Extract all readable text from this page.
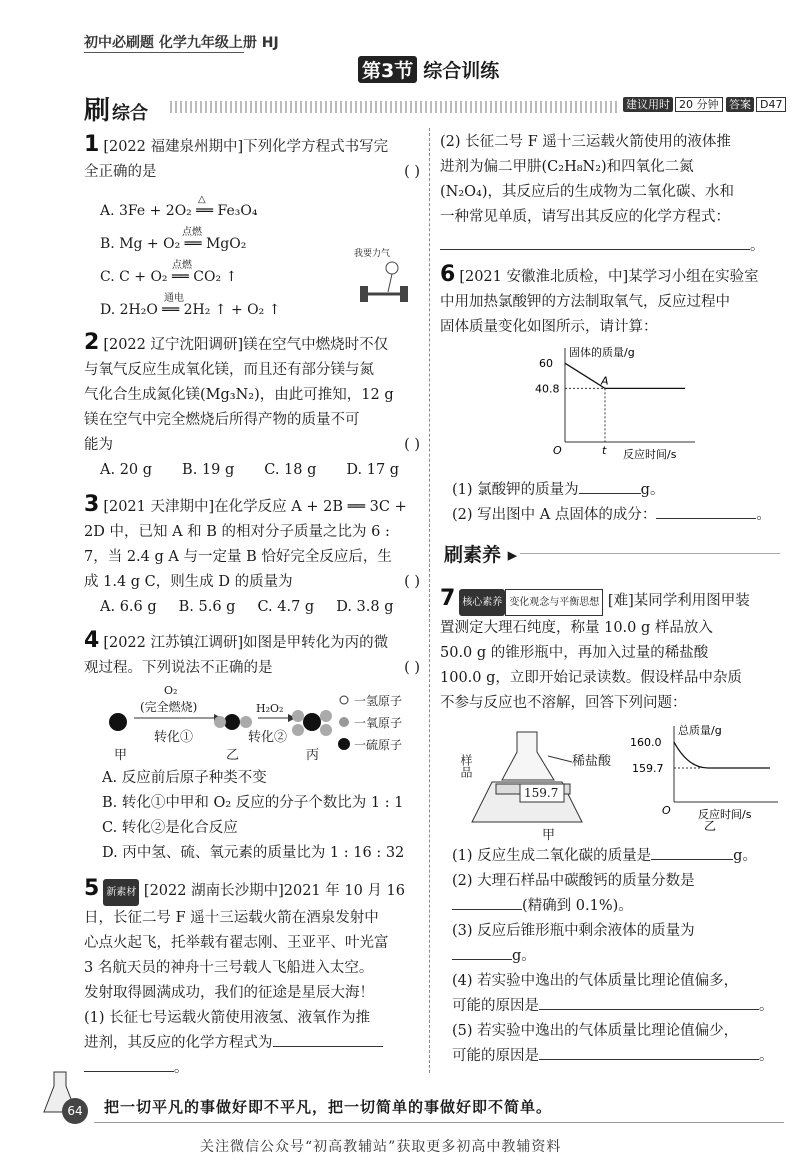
初中必刷题 化学九年级上册 HJ
第3节 综合训练
刷 综合	建议用时 20 分钟 答案 D47
1 [2022 福建泉州期中]下列化学方程式书写完
全正确的是	( )
A. 3Fe + 2O₂ ══ Fe₃O₄
△
B. Mg + O₂ ══ MgO₂
点燃
C. C + O₂ ══ CO₂ ↑
点燃
D. 2H₂O ══ 2H₂ ↑ + O₂ ↑
通电
我要力气
2 [2022 辽宁沈阳调研]镁在空气中燃烧时不仅
与氧气反应生成氧化镁，而且还有部分镁与氮
气化合生成氮化镁(Mg₃N₂)，由此可推知，12 g
镁在空气中完全燃烧后所得产物的质量不可
能为	( )
A. 20 g B. 19 g C. 18 g D. 17 g
3 [2021 天津期中]在化学反应 A + 2B ══ 3C +
2D 中，已知 A 和 B 的相对分子质量之比为 6 :
7，当 2.4 g A 与一定量 B 恰好完全反应后，生
成 1.4 g C，则生成 D 的质量为	( )
A. 6.6 g B. 5.6 g C. 4.7 g D. 3.8 g
4 [2022 江苏镇江调研]如图是甲转化为丙的微
观过程。下列说法不正确的是	( )
O₂
(完全燃烧)	H₂O₂
转化①	转化②
甲	乙	丙
一氢原子
一氧原子
一硫原子
A. 反应前后原子种类不变
B. 转化①中甲和 O₂ 反应的分子个数比为 1 : 1
C. 转化②是化合反应
D. 丙中氢、硫、氧元素的质量比为 1 : 16 : 32
5 新素材 [2022 湖南长沙期中]2021 年 10 月 16
日，长征二号 F 遥十三运载火箭在酒泉发射中
心点火起飞，托举载有翟志刚、王亚平、叶光富
3 名航天员的神舟十三号载人飞船进入太空。
发射取得圆满成功，我们的征途是星辰大海！
(1) 长征七号运载火箭使用液氢、液氧作为推
进剂，其反应的化学方程式为
。
(2) 长征二号 F 遥十三运载火箭使用的液体推
进剂为偏二甲肼(C₂H₈N₂)和四氧化二氮
(N₂O₄)，其反应后的生成物为二氧化碳、水和
一种常见单质，请写出其反应的化学方程式：
。
6 [2021 安徽淮北质检，中]某学习小组在实验室
中用加热氯酸钾的方法制取氧气，反应过程中
固体质量变化如图所示，请计算：
固体的质量/g
反应时间/s
O	t
60
40.8
A
(1) 氯酸钾的质量为	g。
(2) 写出图中 A 点固体的成分：	。
刷素养 ▸
7 核心素养 变化观念与平衡思想 [难]某同学利用图甲装
置测定大理石纯度，称量 10.0 g 样品放入
50.0 g 的锥形瓶中，再加入过量的稀盐酸
100.0 g，立即开始记录读数。假设样品中杂质
不参与反应也不溶解，回答下列问题：
样品	稀盐酸
159.7
甲
总质量/g
反应时间/s
O
160.0
159.7
乙
(1) 反应生成二氧化碳的质量是	g。
(2) 大理石样品中碳酸钙的质量分数是
(精确到 0.1%)。
(3) 反应后锥形瓶中剩余液体的质量为
g。
(4) 若实验中逸出的气体质量比理论值偏多，
可能的原因是	。
(5) 若实验中逸出的气体质量比理论值偏少，
可能的原因是	。
64	把一切平凡的事做好即不平凡，把一切简单的事做好即不简单。
关注微信公众号“初高教辅站”获取更多初高中教辅资料
